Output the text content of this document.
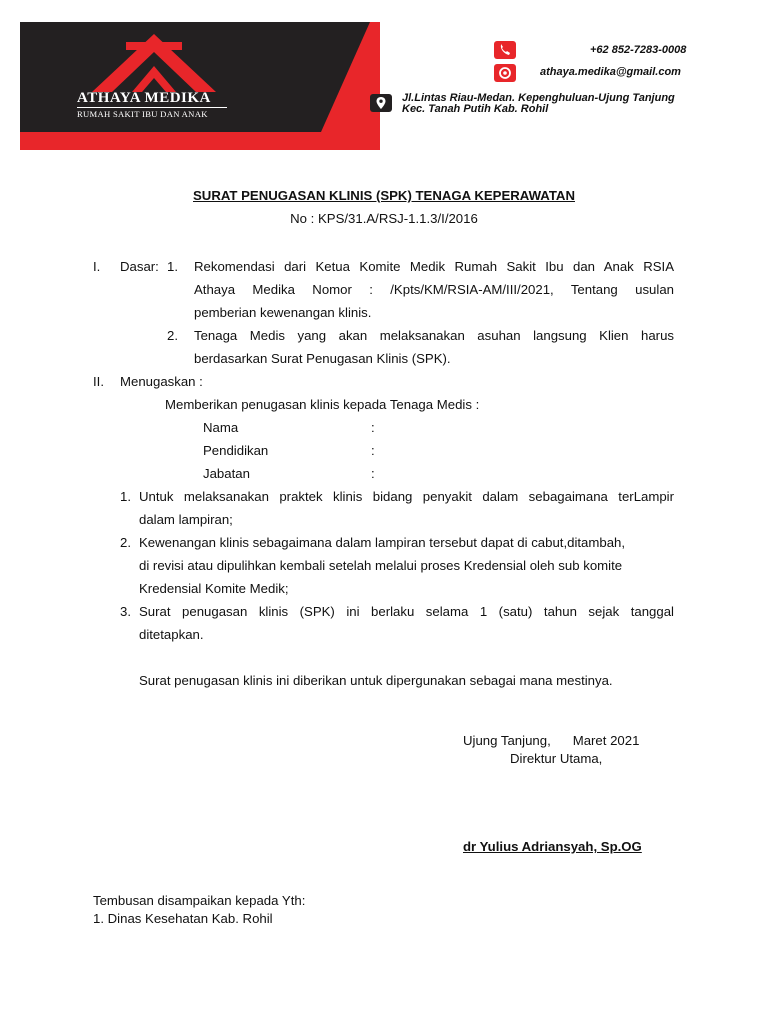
ATHAYA MEDIKA
RUMAH SAKIT IBU DAN ANAK
+62 852-7283-0008
athaya.medika@gmail.com
Jl.Lintas Riau-Medan. Kepenghuluan-Ujung Tanjung
Kec. Tanah Putih Kab. Rohil
SURAT PENUGASAN KLINIS (SPK) TENAGA KEPERAWATAN
No : KPS/31.A/RSJ-1.1.3/I/2016
I. Dasar: 1. Rekomendasi dari Ketua Komite Medik Rumah Sakit Ibu dan Anak RSIA
Athaya Medika Nomor : /Kpts/KM/RSIA-AM/III/2021, Tentang usulan
pemberian kewenangan klinis.
2. Tenaga Medis yang akan melaksanakan asuhan langsung Klien harus
berdasarkan Surat Penugasan Klinis (SPK).
II. Menugaskan :
Memberikan penugasan klinis kepada Tenaga Medis :
Nama	:
Pendidikan	:
Jabatan	:
1. Untuk melaksanakan praktek klinis bidang penyakit dalam sebagaimana terLampir
dalam lampiran;
2. Kewenangan klinis sebagaimana dalam lampiran tersebut dapat di cabut,ditambah,
di revisi atau dipulihkan kembali setelah melalui proses Kredensial oleh sub komite
Kredensial Komite Medik;
3. Surat penugasan klinis (SPK) ini berlaku selama 1 (satu) tahun sejak tanggal
ditetapkan.
Surat penugasan klinis ini diberikan untuk dipergunakan sebagai mana mestinya.
Ujung Tanjung,      Maret 2021
Direktur Utama,
dr Yulius Adriansyah, Sp.OG
Tembusan disampaikan kepada Yth:
1. Dinas Kesehatan Kab. Rohil
